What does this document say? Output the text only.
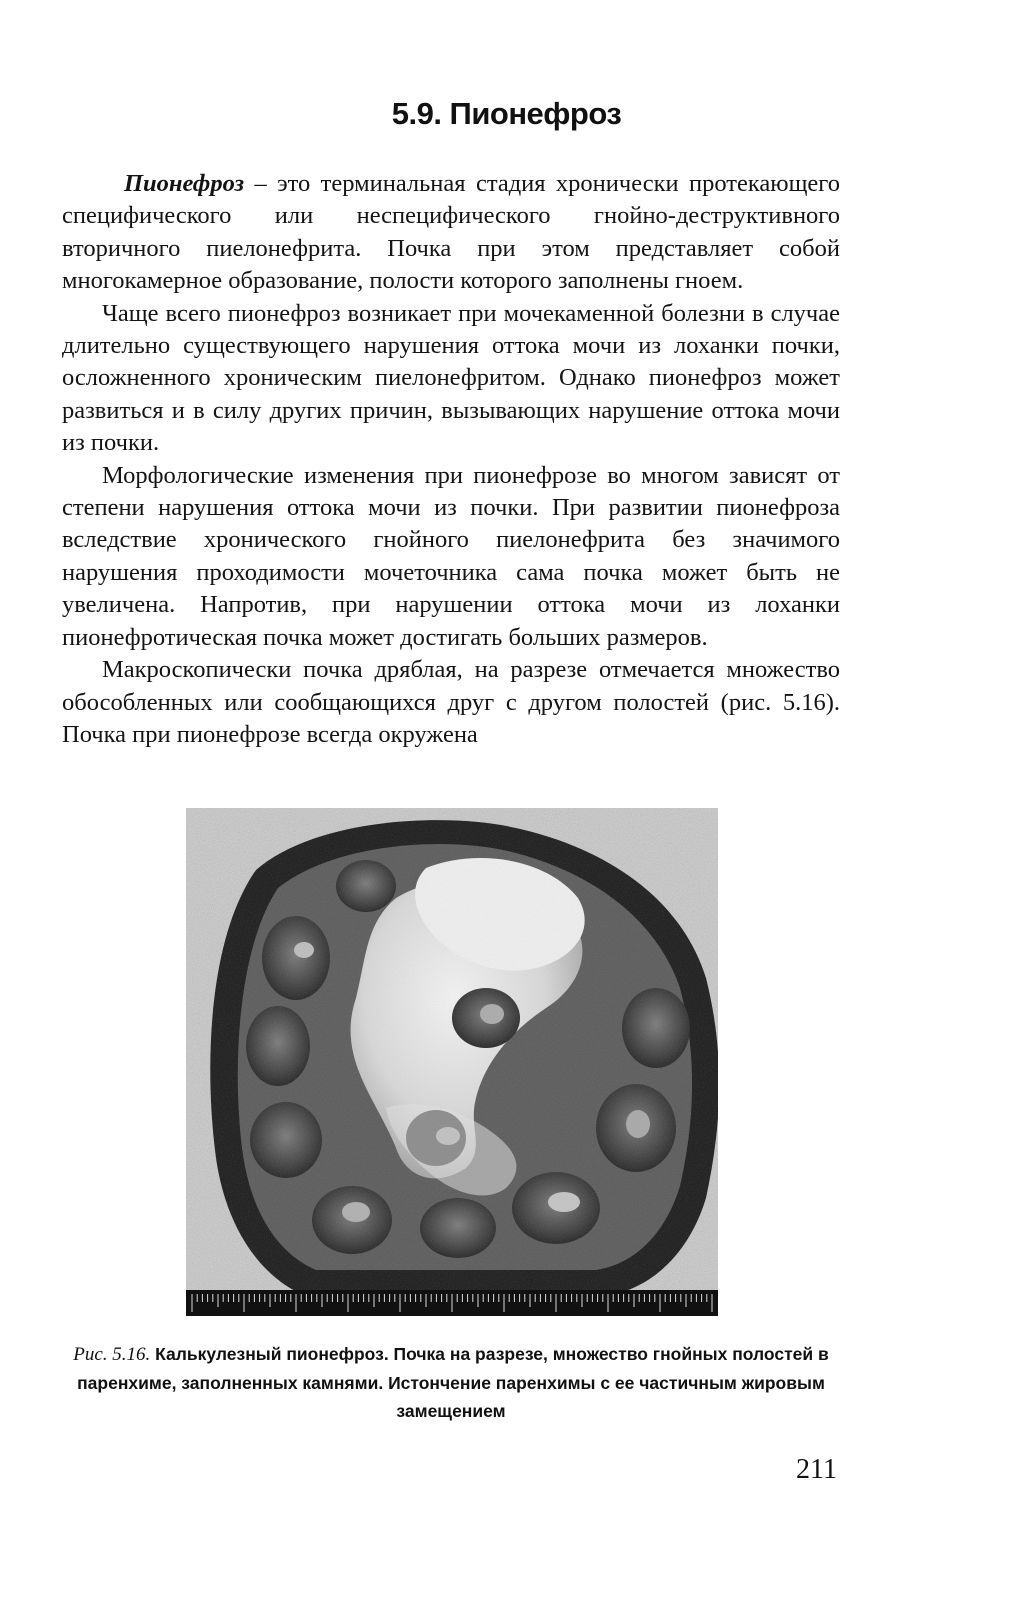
5.9. Пионефроз

Пионефроз – это терминальная стадия хронически протекающего специфического или неспецифического гнойно-деструктивного вторичного пиелонефрита. Почка при этом представляет собой многокамерное образование, полости которого заполнены гноем.

Чаще всего пионефроз возникает при мочекаменной болезни в случае длительно существующего нарушения оттока мочи из лоханки почки, осложненного хроническим пиелонефритом. Однако пионефроз может развиться и в силу других причин, вызывающих нарушение оттока мочи из почки.

Морфологические изменения при пионефрозе во многом зависят от степени нарушения оттока мочи из почки. При развитии пионефроза вследствие хронического гнойного пиелонефрита без значимого нарушения проходимости мочеточника сама почка может быть не увеличена. Напротив, при нарушении оттока мочи из лоханки пионефротическая почка может достигать больших размеров.

Макроскопически почка дряблая, на разрезе отмечается множество обособленных или сообщающихся друг с другом полостей (рис. 5.16). Почка при пионефрозе всегда окружена

Рис. 5.16. Калькулезный пионефроз. Почка на разрезе, множество гнойных полостей в паренхиме, заполненных камнями. Истончение паренхимы с ее частичным жировым замещением
211
